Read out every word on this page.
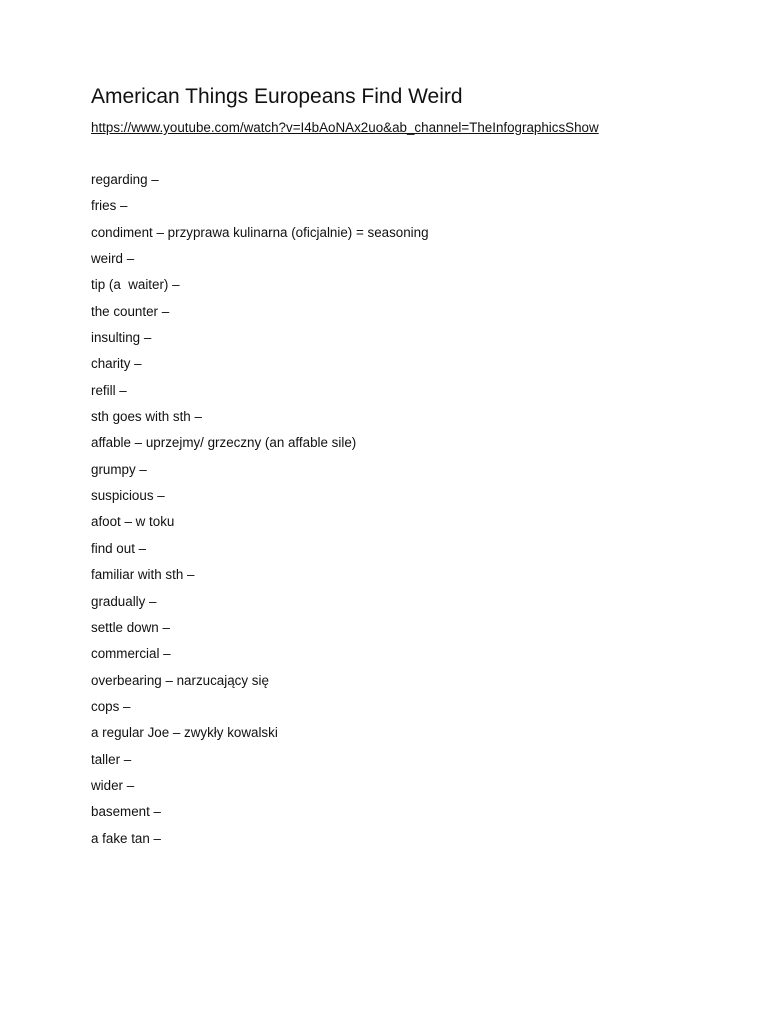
American Things Europeans Find Weird
https://www.youtube.com/watch?v=I4bAoNAx2uo&ab_channel=TheInfographicsShow
regarding –
fries –
condiment – przyprawa kulinarna (oficjalnie) = seasoning
weird –
tip (a  waiter) –
the counter –
insulting –
charity –
refill –
sth goes with sth –
affable – uprzejmy/ grzeczny (an affable sile)
grumpy –
suspicious –
afoot – w toku
find out –
familiar with sth –
gradually –
settle down –
commercial –
overbearing – narzucający się
cops –
a regular Joe – zwykły kowalski
taller –
wider –
basement –
a fake tan –
